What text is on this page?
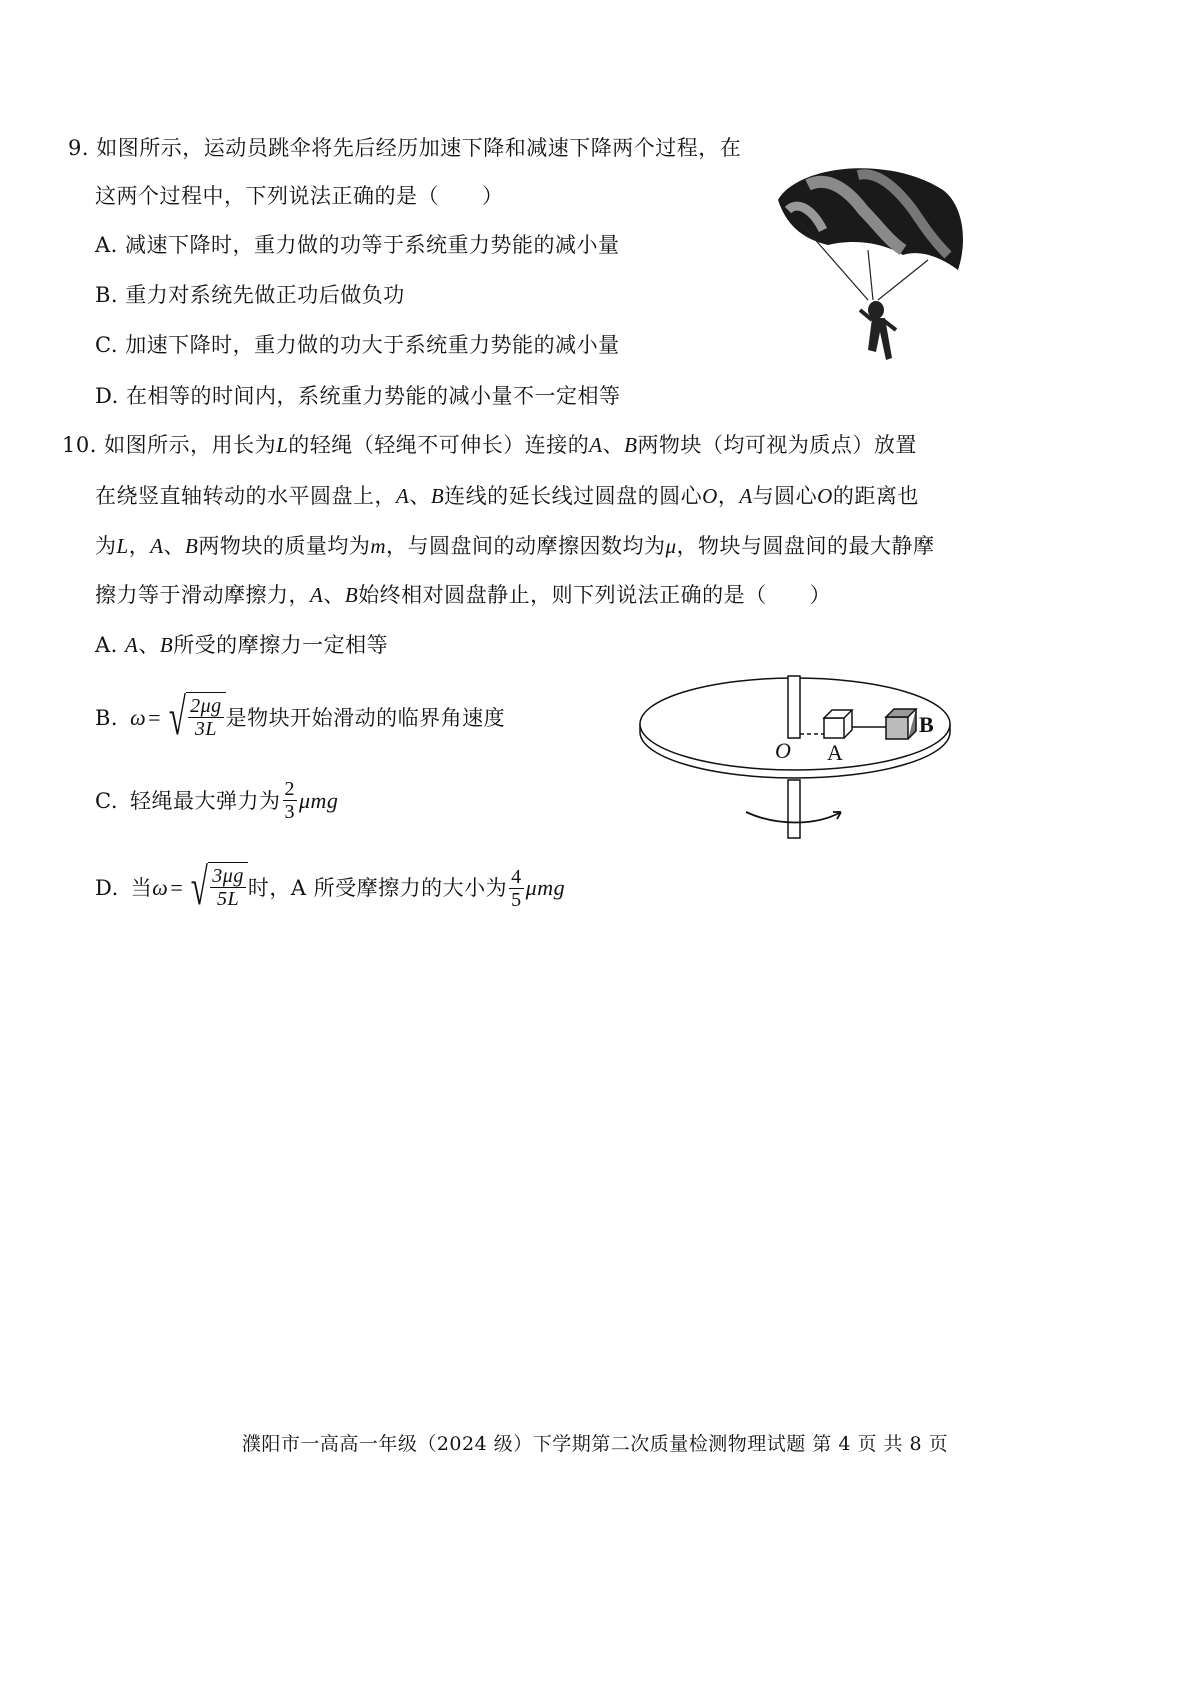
9. 如图所示，运动员跳伞将先后经历加速下降和减速下降两个过程，在
这两个过程中，下列说法正确的是（　　）
A. 减速下降时，重力做的功等于系统重力势能的减小量
B. 重力对系统先做正功后做负功
C. 加速下降时，重力做的功大于系统重力势能的减小量
D. 在相等的时间内，系统重力势能的减小量不一定相等
10. 如图所示，用长为L的轻绳（轻绳不可伸长）连接的A、B两物块（均可视为质点）放置
在绕竖直轴转动的水平圆盘上，A、B连线的延长线过圆盘的圆心O，A与圆心O的距离也
为L，A、B两物块的质量均为m，与圆盘间的动摩擦因数均为μ，物块与圆盘间的最大静摩
擦力等于滑动摩擦力，A、B始终相对圆盘静止，则下列说法正确的是（　　）
A. A、B所受的摩擦力一定相等
B. ω = √ $\frac{2\mu g}{3L}$ 是物块开始滑动的临界角速度
C. 轻绳最大弹力为 $\frac{2}{3}$ μmg
D. 当 ω = √ $\frac{3\mu g}{5L}$ 时，A 所受摩擦力的大小为 $\frac{4}{5}$ μmg
O A
B
濮阳市一高高一年级（2024 级）下学期第二次质量检测物理试题 第 4 页 共 8 页
